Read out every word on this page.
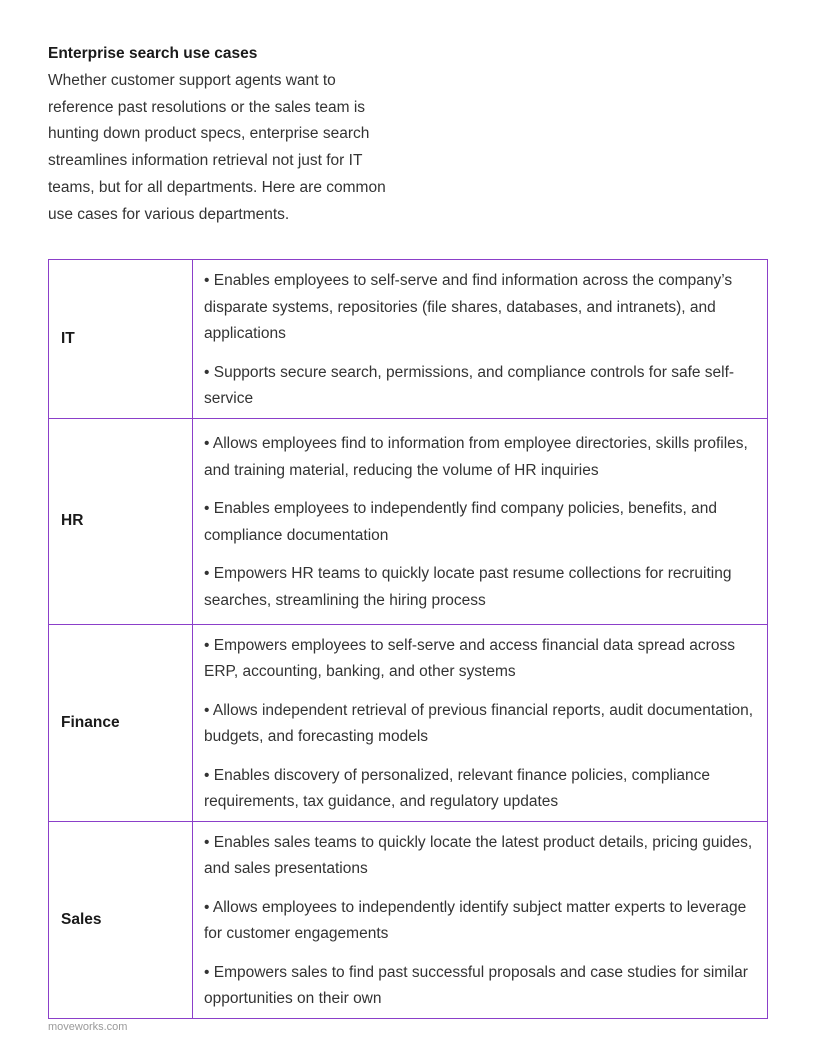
Enterprise search use cases
Whether customer support agents want to reference past resolutions or the sales team is hunting down product specs, enterprise search streamlines information retrieval not just for IT teams, but for all departments. Here are common use cases for various departments.
IT	• Enables employees to self-serve and find information across the company’s disparate systems, repositories (file shares, databases, and intranets), and applications
• Supports secure search, permissions, and compliance controls for safe self-service

HR	• Allows employees find to information from employee directories, skills profiles, and training material, reducing the volume of HR inquiries
• Enables employees to independently find company policies, benefits, and compliance documentation
• Empowers HR teams to quickly locate past resume collections for recruiting searches, streamlining the hiring process

Finance	• Empowers employees to self-serve and access financial data spread across ERP, accounting, banking, and other systems
• Allows independent retrieval of previous financial reports, audit documentation, budgets, and forecasting models
• Enables discovery of personalized, relevant finance policies, compliance requirements, tax guidance, and regulatory updates

Sales	• Enables sales teams to quickly locate the latest product details, pricing guides, and sales presentations
• Allows employees to independently identify subject matter experts to leverage for customer engagements
• Empowers sales to find past successful proposals and case studies for similar opportunities on their own
moveworks.com
